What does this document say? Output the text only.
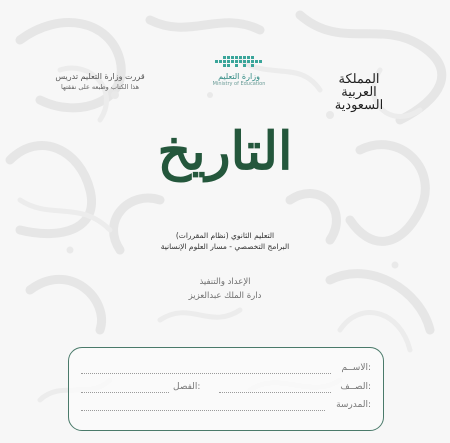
المملكة العربية السعودية
وزارة التعليم
Ministry of Education
قررت وزارة التعليم تدريس
هذا الكتاب وطبعه على نفقتها
التاريخ
التعليم الثانوي (نظام المقررات)
البرامج التخصصي - مسار العلوم الإنسانية
الإعداد والتنفيذ
دارة الملك عبدالعزيز
الاســم:
الصــف:
الفصل:
المدرسة:
